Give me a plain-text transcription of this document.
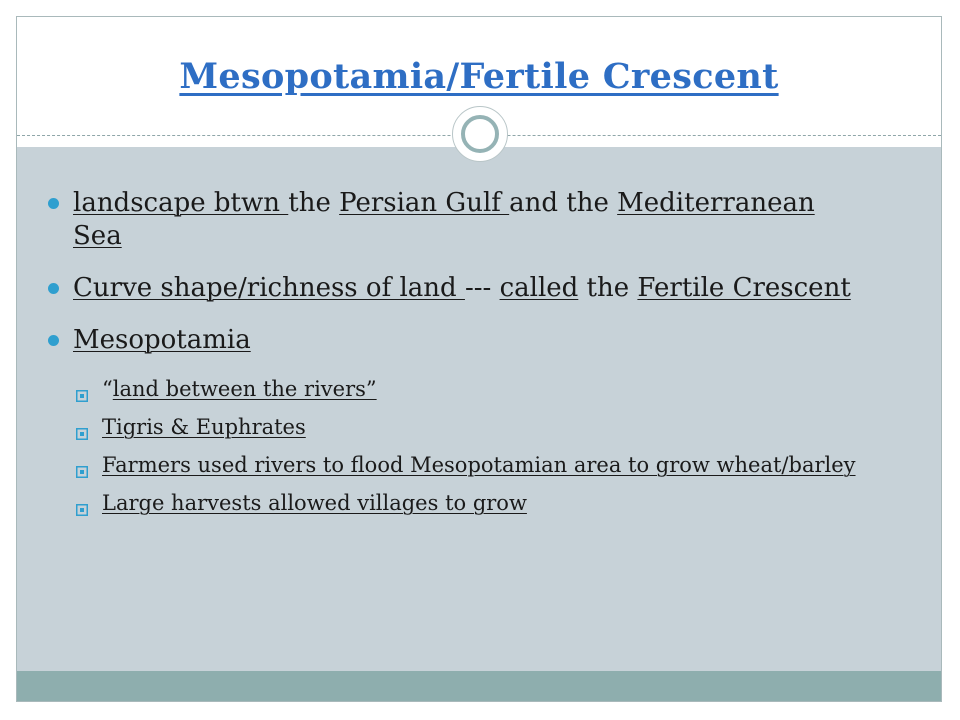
Mesopotamia/Fertile Crescent
landscape btwn the Persian Gulf and the Mediterranean Sea
Curve shape/richness of land --- called the Fertile Crescent
Mesopotamia
“land between the rivers”
Tigris & Euphrates
Farmers used rivers to flood Mesopotamian area to grow wheat/barley
Large harvests allowed villages to grow
